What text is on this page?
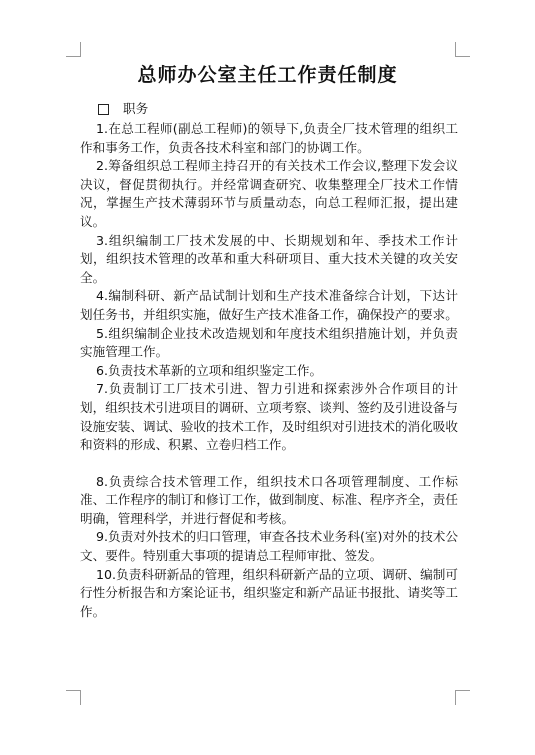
总师办公室主任工作责任制度
职务

1.在总工程师(副总工程师)的领导下,负责全厂技术管理的组织工作和事务工作，负责各技术科室和部门的协调工作。

2.筹备组织总工程师主持召开的有关技术工作会议,整理下发会议决议，督促贯彻执行。并经常调查研究、收集整理全厂技术工作情况，掌握生产技术薄弱环节与质量动态，向总工程师汇报，提出建议。

3.组织编制工厂技术发展的中、长期规划和年、季技术工作计划，组织技术管理的改革和重大科研项目、重大技术关键的攻关安全。

4.编制科研、新产品试制计划和生产技术准备综合计划，下达计划任务书，并组织实施，做好生产技术准备工作，确保投产的要求。

5.组织编制企业技术改造规划和年度技术组织措施计划，并负责实施管理工作。

6.负责技术革新的立项和组织鉴定工作。

7.负责制订工厂技术引进、智力引进和探索涉外合作项目的计划，组织技术引进项目的调研、立项考察、谈判、签约及引进设备与设施安装、调试、验收的技术工作，及时组织对引进技术的消化吸收和资料的形成、积累、立卷归档工作。

8.负责综合技术管理工作，组织技术口各项管理制度、工作标准、工作程序的制订和修订工作，做到制度、标准、程序齐全，责任明确，管理科学，并进行督促和考核。

9.负责对外技术的归口管理，审查各技术业务科(室)对外的技术公文、要件。特别重大事项的提请总工程师审批、签发。

10.负责科研新品的管理，组织科研新产品的立项、调研、编制可行性分析报告和方案论证书，组织鉴定和新产品证书报批、请奖等工作。
